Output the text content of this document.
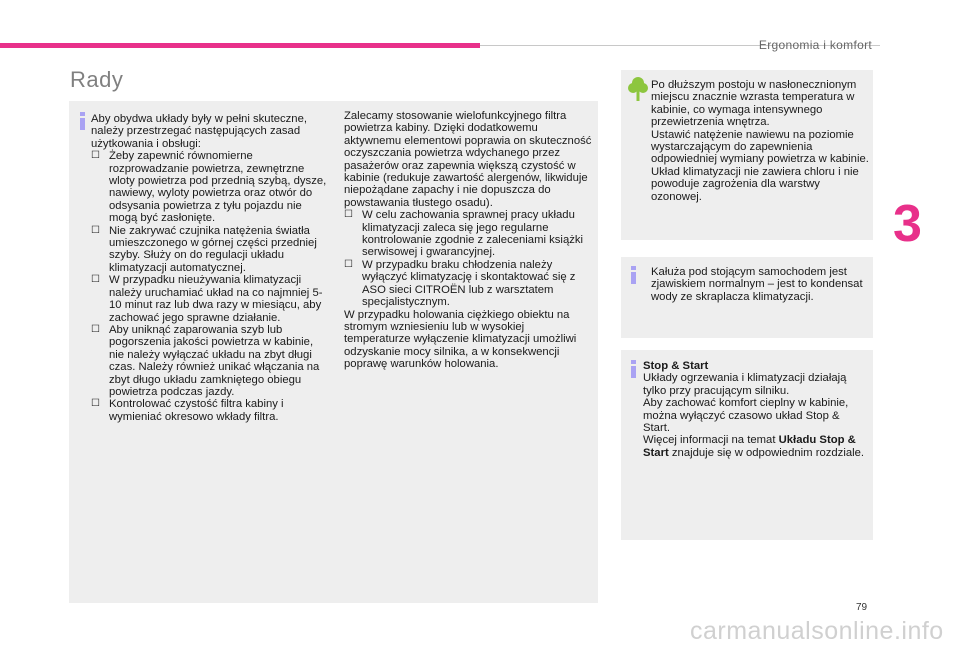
Ergonomia i komfort
3
Rady

Aby obydwa układy były w pełni skuteczne, należy przestrzegać następujących zasad użytkowania i obsługi:

☐ Żeby zapewnić równomierne rozprowadzanie powietrza, zewnętrzne wloty powietrza pod przednią szybą, dysze, nawiewy, wyloty powietrza oraz otwór do odsysania powietrza z tyłu pojazdu nie mogą być zasłonięte.
☐ Nie zakrywać czujnika natężenia światła umieszczonego w górnej części przedniej szyby. Służy on do regulacji układu klimatyzacji automatycznej.
☐ W przypadku nieużywania klimatyzacji należy uruchamiać układ na co najmniej 5-10 minut raz lub dwa razy w miesiącu, aby zachować jego sprawne działanie.
☐ Aby uniknąć zaparowania szyb lub pogorszenia jakości powietrza w kabinie, nie należy wyłączać układu na zbyt długi czas. Należy również unikać włączania na zbyt długo układu zamkniętego obiegu powietrza podczas jazdy.
☐ Kontrolować czystość filtra kabiny i wymieniać okresowo wkłady filtra.

Zalecamy stosowanie wielofunkcyjnego filtra powietrza kabiny. Dzięki dodatkowemu aktywnemu elementowi poprawia on skuteczność oczyszczania powietrza wdychanego przez pasażerów oraz zapewnia większą czystość w kabinie (redukuje zawartość alergenów, likwiduje niepożądane zapachy i nie dopuszcza do powstawania tłustego osadu).

☐ W celu zachowania sprawnej pracy układu klimatyzacji zaleca się jego regularne kontrolowanie zgodnie z zaleceniami książki serwisowej i gwarancyjnej.
☐ W przypadku braku chłodzenia należy wyłączyć klimatyzację i skontaktować się z ASO sieci CITROËN lub z warsztatem specjalistycznym.

W przypadku holowania ciężkiego obiektu na stromym wzniesieniu lub w wysokiej temperaturze wyłączenie klimatyzacji umożliwi odzyskanie mocy silnika, a w konsekwencji poprawę warunków holowania.

Po dłuższym postoju w nasłonecznionym miejscu znacznie wzrasta temperatura w kabinie, co wymaga intensywnego przewietrzenia wnętrza.

Ustawić natężenie nawiewu na poziomie wystarczającym do zapewnienia odpowiedniej wymiany powietrza w kabinie.

Układ klimatyzacji nie zawiera chloru i nie powoduje zagrożenia dla warstwy ozonowej.

Kałuża pod stojącym samochodem jest zjawiskiem normalnym – jest to kondensat wody ze skraplacza klimatyzacji.

Stop & Start

Układy ogrzewania i klimatyzacji działają tylko przy pracującym silniku.

Aby zachować komfort cieplny w kabinie, można wyłączyć czasowo układ Stop & Start.

Więcej informacji na temat Układu Stop & Start znajduje się w odpowiednim rozdziale.

79
carmanualsonline.info
